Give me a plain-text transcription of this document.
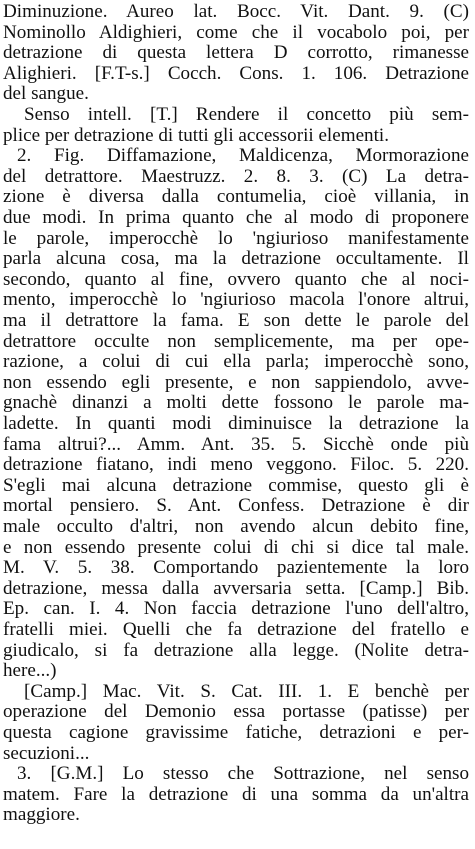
Diminuzione. Aureo lat. Bocc. Vit. Dant. 9. (C)
Nominollo Aldighieri, come che il vocabolo poi, per
detrazione di questa lettera D corrotto, rimanesse
Alighieri. [F.T-s.] Cocch. Cons. 1. 106. Detrazione
del sangue.
Senso intell. [T.] Rendere il concetto più sem-
plice per detrazione di tutti gli accessorii elementi.
2. Fig. Diffamazione, Maldicenza, Mormorazione
del detrattore. Maestruzz. 2. 8. 3. (C) La detra-
zione è diversa dalla contumelia, cioè villania, in
due modi. In prima quanto che al modo di proponere
le parole, imperocchè lo 'ngiurioso manifestamente
parla alcuna cosa, ma la detrazione occultamente. Il
secondo, quanto al fine, ovvero quanto che al noci-
mento, imperocchè lo 'ngiurioso macola l'onore altrui,
ma il detrattore la fama. E son dette le parole del
detrattore occulte non semplicemente, ma per ope-
razione, a colui di cui ella parla; imperocchè sono,
non essendo egli presente, e non sappiendolo, avve-
gnachè dinanzi a molti dette fossono le parole ma-
ladette. In quanti modi diminuisce la detrazione la
fama altrui?... Amm. Ant. 35. 5. Sicchè onde più
detrazione fiatano, indi meno veggono. Filoc. 5. 220.
S'egli mai alcuna detrazione commise, questo gli è
mortal pensiero. S. Ant. Confess. Detrazione è dir
male occulto d'altri, non avendo alcun debito fine,
e non essendo presente colui di chi si dice tal male.
M. V. 5. 38. Comportando pazientemente la loro
detrazione, messa dalla avversaria setta. [Camp.] Bib.
Ep. can. I. 4. Non faccia detrazione l'uno dell'altro,
fratelli miei. Quelli che fa detrazione del fratello e
giudicalo, si fa detrazione alla legge. (Nolite detra-
here...)
[Camp.] Mac. Vit. S. Cat. III. 1. E benchè per
operazione del Demonio essa portasse (patisse) per
questa cagione gravissime fatiche, detrazioni e per-
secuzioni...
3. [G.M.] Lo stesso che Sottrazione, nel senso
matem. Fare la detrazione di una somma da un'altra
maggiore.
